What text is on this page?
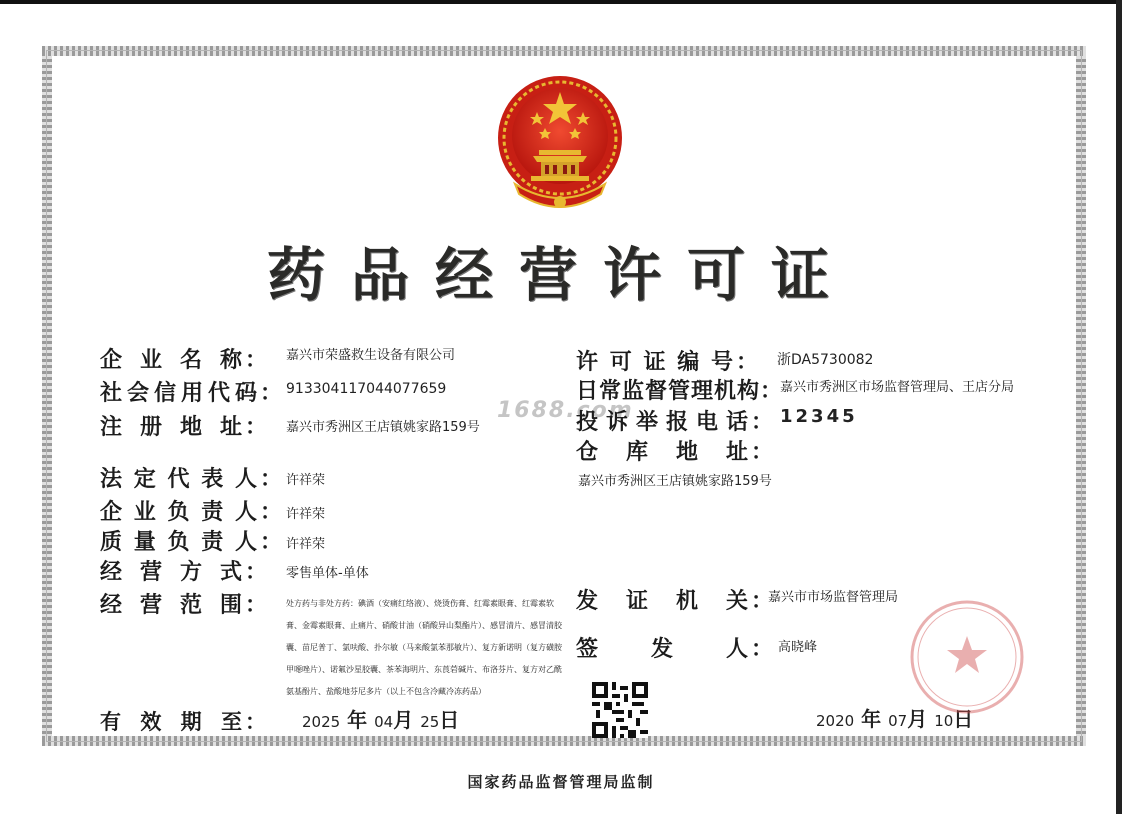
药品经营许可证
1688.com
企业名称： 嘉兴市荣盛救生设备有限公司
社会信用代码： 913304117044077659
注册地址： 嘉兴市秀洲区王店镇姚家路159号
法定代表人： 许祥荣
企业负责人： 许祥荣
质量负责人： 许祥荣
经营方式： 零售单体-单体
经营范围： 处方药与非处方药：碘酒（安痛红络液）、烧烫伤膏、红霉素眼膏、红霉素软膏、金霉素眼膏、止痛片、硝酸甘油（硝酸异山梨酯片）、感冒清片、感冒清胶囊、苗尼普丁、氯呋酸、扑尔敏（马来酸氯苯那敏片）、复方新诺明（复方磺胺甲噁唑片）、诺氟沙星胶囊、茶苯海明片、东莨菪碱片、布洛芬片、复方对乙酰氨基酚片、盐酸地芬尼多片（以上不包含冷藏冷冻药品）
有效期至： 2025 年 04月 25日
许可证编号： 浙DA5730082
日常监督管理机构：
嘉兴市秀洲区市场监督管理局、王店分局
投诉举报电话： 12345
仓库地址：
嘉兴市秀洲区王店镇姚家路159号
发证机关：
嘉兴市市场监督管理局
签发人： 高晓峰
2020 年 07月 10日
国家药品监督管理局监制
